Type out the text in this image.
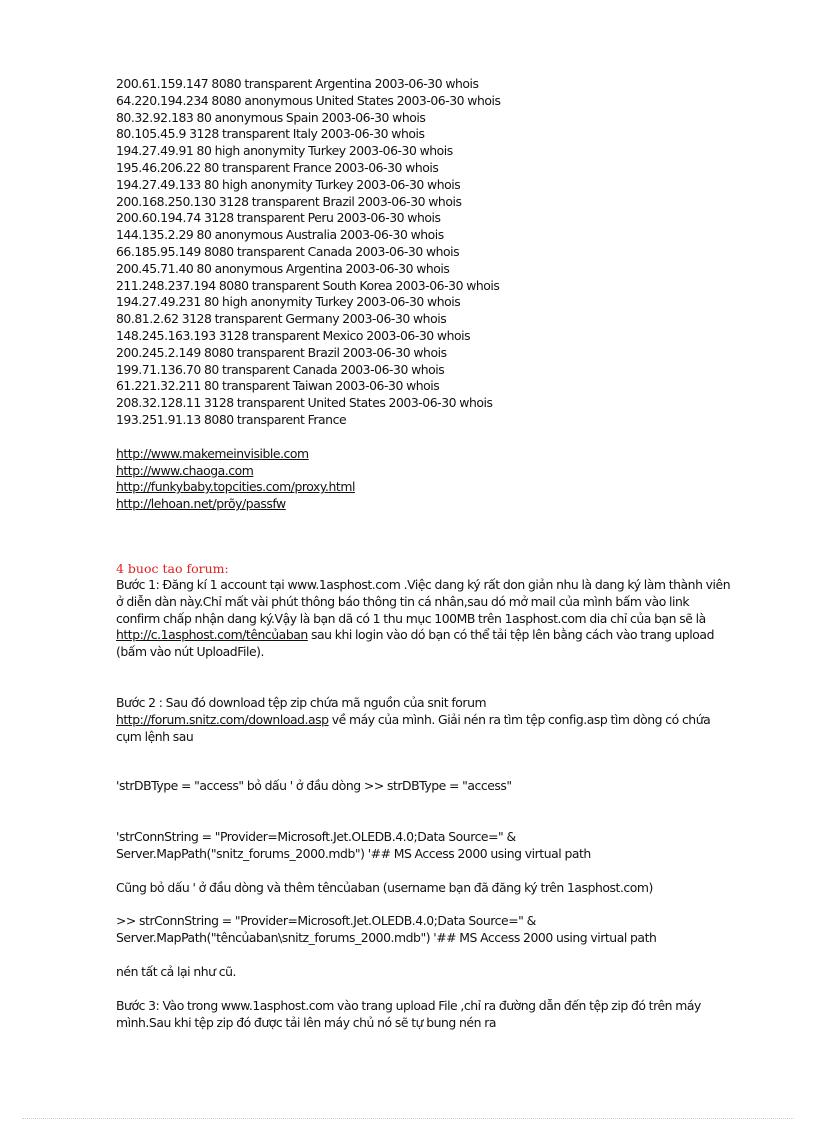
200.61.159.147 8080 transparent Argentina 2003-06-30 whois
64.220.194.234 8080 anonymous United States 2003-06-30 whois
80.32.92.183 80 anonymous Spain 2003-06-30 whois
80.105.45.9 3128 transparent Italy 2003-06-30 whois
194.27.49.91 80 high anonymity Turkey 2003-06-30 whois
195.46.206.22 80 transparent France 2003-06-30 whois
194.27.49.133 80 high anonymity Turkey 2003-06-30 whois
200.168.250.130 3128 transparent Brazil 2003-06-30 whois
200.60.194.74 3128 transparent Peru 2003-06-30 whois
144.135.2.29 80 anonymous Australia 2003-06-30 whois
66.185.95.149 8080 transparent Canada 2003-06-30 whois
200.45.71.40 80 anonymous Argentina 2003-06-30 whois
211.248.237.194 8080 transparent South Korea 2003-06-30 whois
194.27.49.231 80 high anonymity Turkey 2003-06-30 whois
80.81.2.62 3128 transparent Germany 2003-06-30 whois
148.245.163.193 3128 transparent Mexico 2003-06-30 whois
200.245.2.149 8080 transparent Brazil 2003-06-30 whois
199.71.136.70 80 transparent Canada 2003-06-30 whois
61.221.32.211 80 transparent Taiwan 2003-06-30 whois
208.32.128.11 3128 transparent United States 2003-06-30 whois
193.251.91.13 8080 transparent France
http://www.makemeinvisible.com
http://www.chaoga.com
http://funkybaby.topcities.com/proxy.html
http://lehoan.net/prõy/passfw
4 buoc tao forum:
Bước 1: Đăng kí 1 account tại www.1asphost.com .Việc dang ký rất don giản nhu là dang ký làm thành viên ở diễn dàn này.Chỉ mất vài phút thông báo thông tin cá nhân,sau dó mở mail của mình bấm vào link confirm chấp nhận dang ký.Vậy là bạn dã có 1 thu mục 100MB trên 1asphost.com dia chỉ của bạn sẽ là http://c.1asphost.com/têncủaban sau khi login vào dó bạn có thể tải tệp lên bằng cách vào trang upload (bấm vào nút UploadFile).
Bước 2 : Sau đó download tệp zip chứa mã nguồn của snit forum
http://forum.snitz.com/download.asp về máy của mình. Giải nén ra tìm tệp config.asp tìm dòng có chứa cụm lệnh sau
'strDBType = "access" bỏ dấu ' ở đầu dòng >> strDBType = "access"
'strConnString = "Provider=Microsoft.Jet.OLEDB.4.0;Data Source=" &
Server.MapPath("snitz_forums_2000.mdb") '## MS Access 2000 using virtual path
Cũng bỏ dấu ' ở đầu dòng và thêm têncủaban (username bạn đã đăng ký trên 1asphost.com)
>> strConnString = "Provider=Microsoft.Jet.OLEDB.4.0;Data Source=" &
Server.MapPath("têncủaban\snitz_forums_2000.mdb") '## MS Access 2000 using virtual path
nén tất cả lại như cũ.
Bước 3: Vào trong www.1asphost.com vào trang upload File ,chỉ ra đường dẫn đến tệp zip đó trên máy mình.Sau khi tệp zip đó được tải lên máy chủ nó sẽ tự bung nén ra
